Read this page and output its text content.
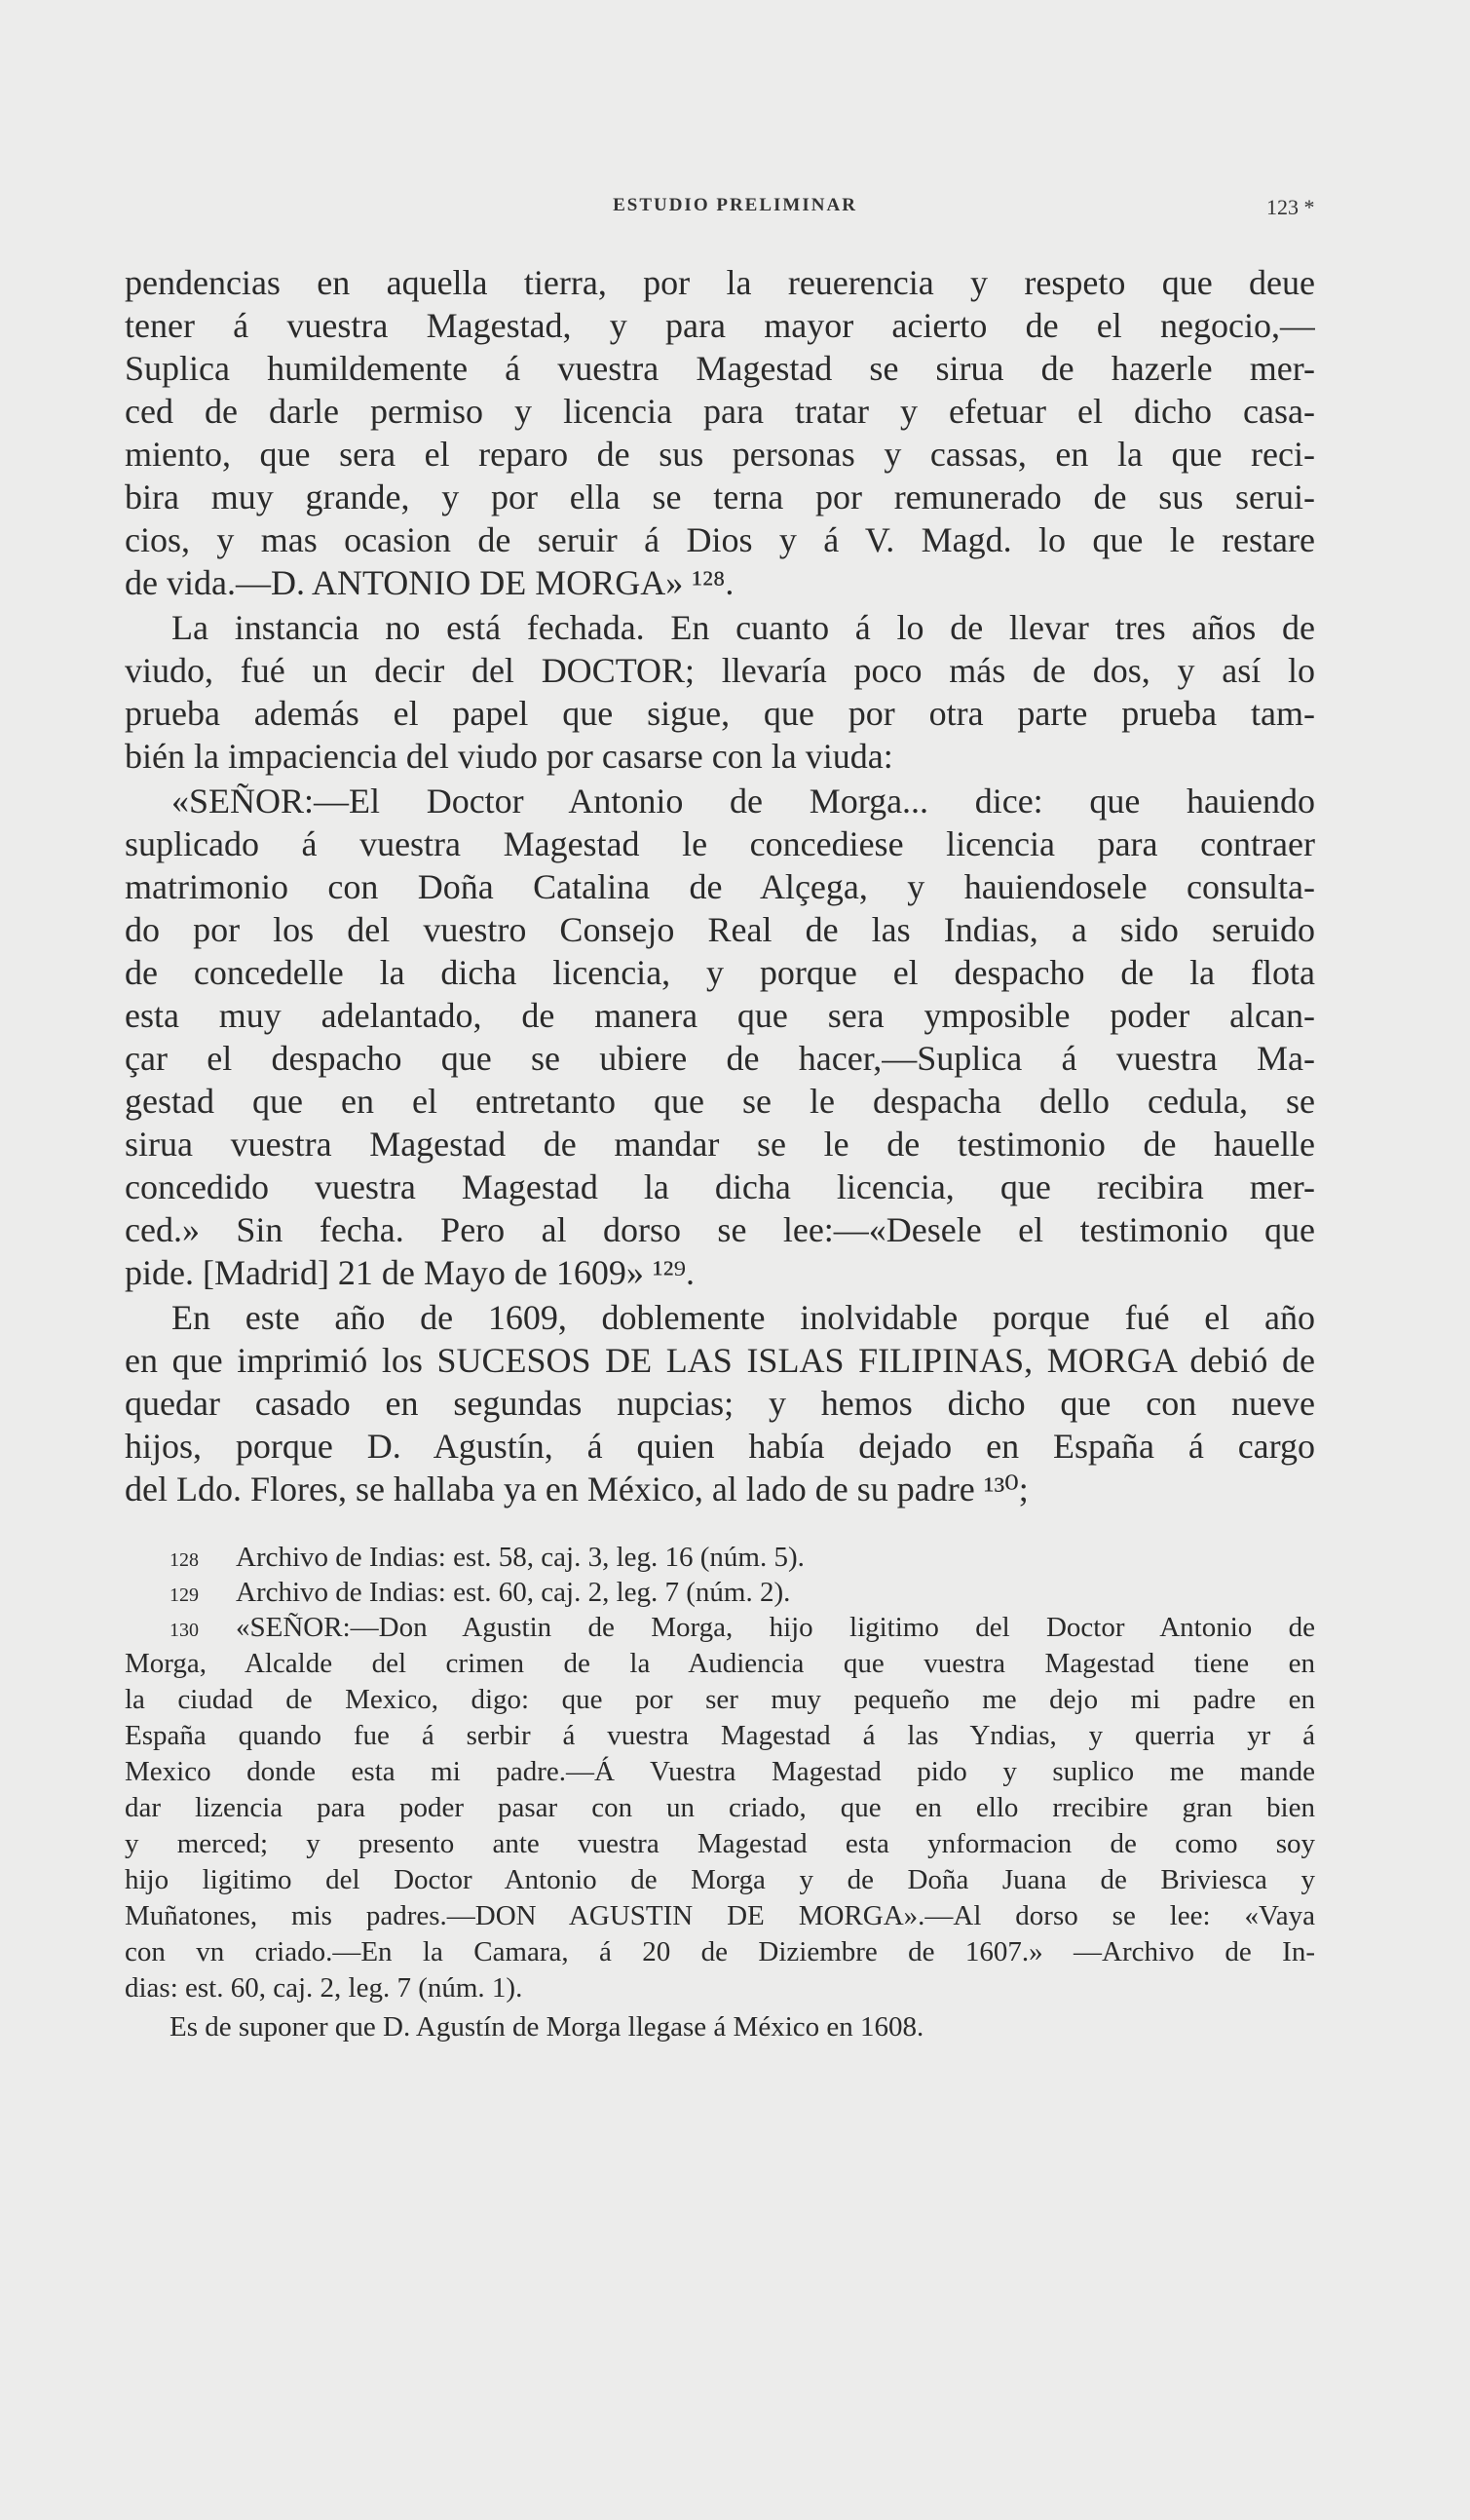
ESTUDIO PRELIMINAR	123 *
pendencias en aquella tierra, por la reuerencia y respeto que deue
tener á vuestra Magestad, y para mayor acierto de el negocio,—
Suplica humildemente á vuestra Magestad se sirua de hazerle mer-
ced de darle permiso y licencia para tratar y efetuar el dicho casa-
miento, que sera el reparo de sus personas y cassas, en la que reci-
bira muy grande, y por ella se terna por remunerado de sus serui-
cios, y mas ocasion de seruir á Dios y á V. Magd. lo que le restare
de vida.—D. ANTONIO DE MORGA» ¹²⁸.
La instancia no está fechada. En cuanto á lo de llevar tres años de
viudo, fué un decir del DOCTOR; llevaría poco más de dos, y así lo
prueba además el papel que sigue, que por otra parte prueba tam-
bién la impaciencia del viudo por casarse con la viuda:
«SEÑOR:—El Doctor Antonio de Morga... dice: que hauiendo
suplicado á vuestra Magestad le concediese licencia para contraer
matrimonio con Doña Catalina de Alçega, y hauiendosele consulta-
do por los del vuestro Consejo Real de las Indias, a sido seruido
de concedelle la dicha licencia, y porque el despacho de la flota
esta muy adelantado, de manera que sera ymposible poder alcan-
çar el despacho que se ubiere de hacer,—Suplica á vuestra Ma-
gestad que en el entretanto que se le despacha dello cedula, se
sirua vuestra Magestad de mandar se le de testimonio de hauelle
concedido vuestra Magestad la dicha licencia, que recibira mer-
ced.» Sin fecha. Pero al dorso se lee:—«Desele el testimonio que
pide. [Madrid] 21 de Mayo de 1609» ¹²⁹.
En este año de 1609, doblemente inolvidable porque fué el año
en que imprimió los SUCESOS DE LAS ISLAS FILIPINAS, MORGA debió de
quedar casado en segundas nupcias; y hemos dicho que con nueve
hijos, porque D. Agustín, á quien había dejado en España á cargo
del Ldo. Flores, se hallaba ya en México, al lado de su padre ¹³⁰;
128 Archivo de Indias: est. 58, caj. 3, leg. 16 (núm. 5).
129 Archivo de Indias: est. 60, caj. 2, leg. 7 (núm. 2).
130 «SEÑOR:—Don Agustin de Morga, hijo ligitimo del Doctor Antonio de
Morga, Alcalde del crimen de la Audiencia que vuestra Magestad tiene en
la ciudad de Mexico, digo: que por ser muy pequeño me dejo mi padre en
España quando fue á serbir á vuestra Magestad á las Yndias, y querria yr á
Mexico donde esta mi padre.—Á Vuestra Magestad pido y suplico me mande
dar lizencia para poder pasar con un criado, que en ello rrecibire gran bien
y merced; y presento ante vuestra Magestad esta ynformacion de como soy
hijo ligitimo del Doctor Antonio de Morga y de Doña Juana de Briviesca y
Muñatones, mis padres.—DON AGUSTIN DE MORGA».—Al dorso se lee: «Vaya
con vn criado.—En la Camara, á 20 de Diziembre de 1607.» —Archivo de In-
dias: est. 60, caj. 2, leg. 7 (núm. 1).
Es de suponer que D. Agustín de Morga llegase á México en 1608.
